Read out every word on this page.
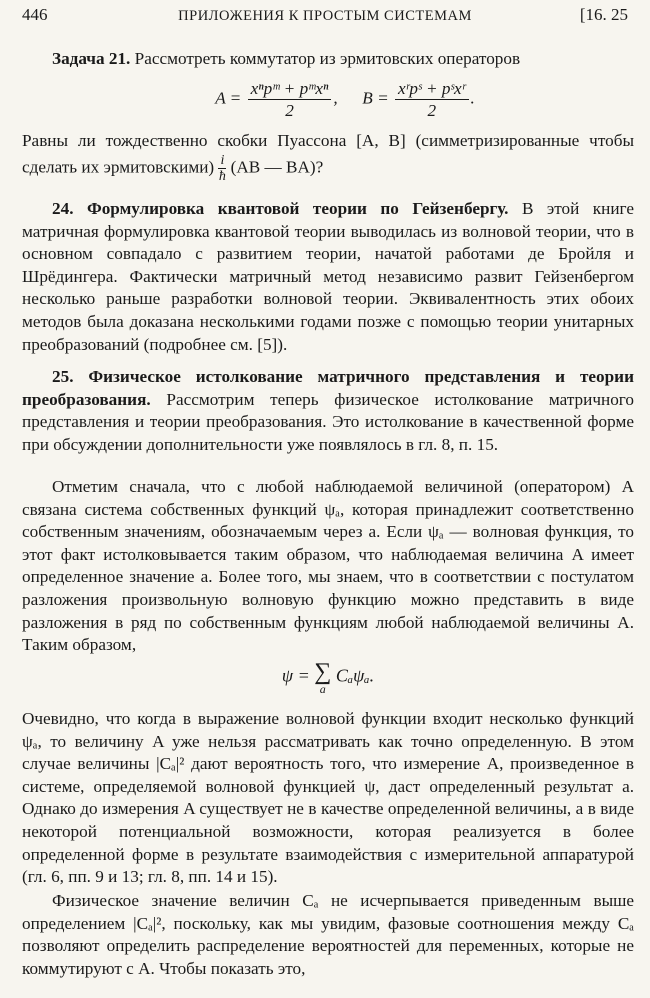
446	ПРИЛОЖЕНИЯ К ПРОСТЫМ СИСТЕМАМ	[16. 25

Задача 21. Рассмотреть коммутатор из эрмитовских операторов

$A = \frac{\text{xⁿpᵐ + pᵐxⁿ}}{2}$ , $B = \frac{\text{xʳpˢ + pˢxʳ}}{2}$ .

Равны ли тождественно скобки Пуассона [A, B] (симметризированные чтобы сделать их эрмитовскими) $\frac{i}{ħ} (AB$ — BA)?

24. Формулировка квантовой теории по Гейзенбергу. В этой книге матричная формулировка квантовой теории выводилась из волновой теории, что в основном совпадало с развитием теории, начатой работами де Бройля и Шрёдингера. Фактически матричный метод независимо развит Гейзенбергом несколько раньше разработки волновой теории. Эквивалентность этих обоих методов была доказана несколькими годами позже с помощью теории унитарных преобразований (подробнее см. [5]).

25. Физическое истолкование матричного представления и теории преобразования. Рассмотрим теперь физическое истолкование матричного представления и теории преобразования. Это истолкование в качественной форме при обсуждении дополнительности уже появлялось в гл. 8, п. 15.

Отметим сначала, что с любой наблюдаемой величиной (оператором) A связана система собственных функций ψₐ, которая принадлежит соответственно собственным значениям, обозначаемым через a. Если ψₐ — волновая функция, то этот факт истолковывается таким образом, что наблюдаемая величина A имеет определенное значение a. Более того, мы знаем, что в соответствии с постулатом разложения произвольную волновую функцию можно представить в виде разложения в ряд по собственным функциям любой наблюдаемой величины A. Таким образом,

ψ = ∑
a
Cₐψₐ.

Очевидно, что когда в выражение волновой функции входит несколько функций ψₐ, то величину A уже нельзя рассматривать как точно определенную. В этом случае величины |Cₐ|² дают вероятность того, что измерение A, произведенное в системе, определяемой волновой функцией ψ, даст определенный результат a. Однако до измерения A существует не в качестве определенной величины, а в виде некоторой потенциальной возможности, которая реализуется в более определенной форме в результате взаимодействия с измерительной аппаратурой (гл. 6, пп. 9 и 13; гл. 8, пп. 14 и 15).

Физическое значение величин Cₐ не исчерпывается приведенным выше определением |Cₐ|², поскольку, как мы увидим, фазовые соотношения между Cₐ позволяют определить распределение вероятностей для переменных, которые не коммутируют с A. Чтобы показать это,
